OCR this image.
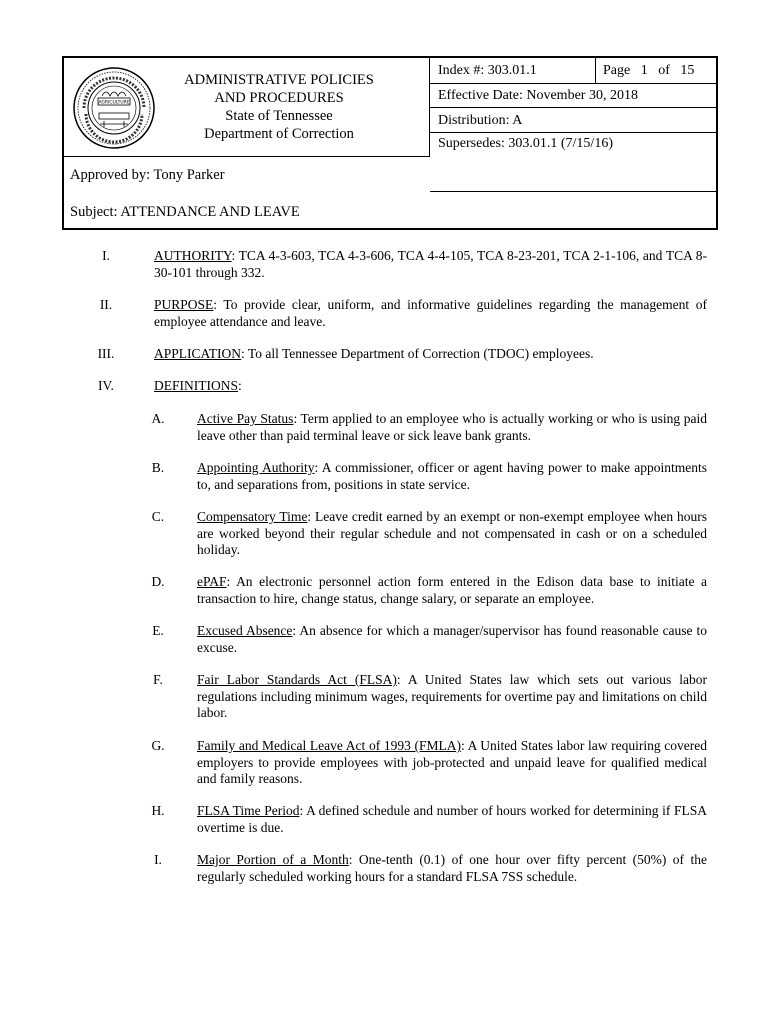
AGRICULTURE
ADMINISTRATIVE POLICIES
AND PROCEDURES
State of Tennessee
Department of Correction
Index #: 303.01.1	Page 1 of 15
Effective Date: November 30, 2018
Distribution: A
Supersedes: 303.01.1 (7/15/16)
Approved by: Tony Parker
Subject: ATTENDANCE AND LEAVE
I.	AUTHORITY: TCA 4-3-603, TCA 4-3-606, TCA 4-4-105, TCA 8-23-201, TCA 2-1-106, and TCA 8-30-101 through 332.
II.	PURPOSE: To provide clear, uniform, and informative guidelines regarding the management of employee attendance and leave.
III.	APPLICATION: To all Tennessee Department of Correction (TDOC) employees.
IV.	DEFINITIONS:
A.	Active Pay Status: Term applied to an employee who is actually working or who is using paid leave other than paid terminal leave or sick leave bank grants.
B.	Appointing Authority: A commissioner, officer or agent having power to make appointments to, and separations from, positions in state service.
C.	Compensatory Time: Leave credit earned by an exempt or non-exempt employee when hours are worked beyond their regular schedule and not compensated in cash or on a scheduled holiday.
D.	ePAF: An electronic personnel action form entered in the Edison data base to initiate a transaction to hire, change status, change salary, or separate an employee.
E.	Excused Absence: An absence for which a manager/supervisor has found reasonable cause to excuse.
F.	Fair Labor Standards Act (FLSA): A United States law which sets out various labor regulations including minimum wages, requirements for overtime pay and limitations on child labor.
G.	Family and Medical Leave Act of 1993 (FMLA): A United States labor law requiring covered employers to provide employees with job-protected and unpaid leave for qualified medical and family reasons.
H.	FLSA Time Period: A defined schedule and number of hours worked for determining if FLSA overtime is due.
I.	Major Portion of a Month: One-tenth (0.1) of one hour over fifty percent (50%) of the regularly scheduled working hours for a standard FLSA 7SS schedule.
